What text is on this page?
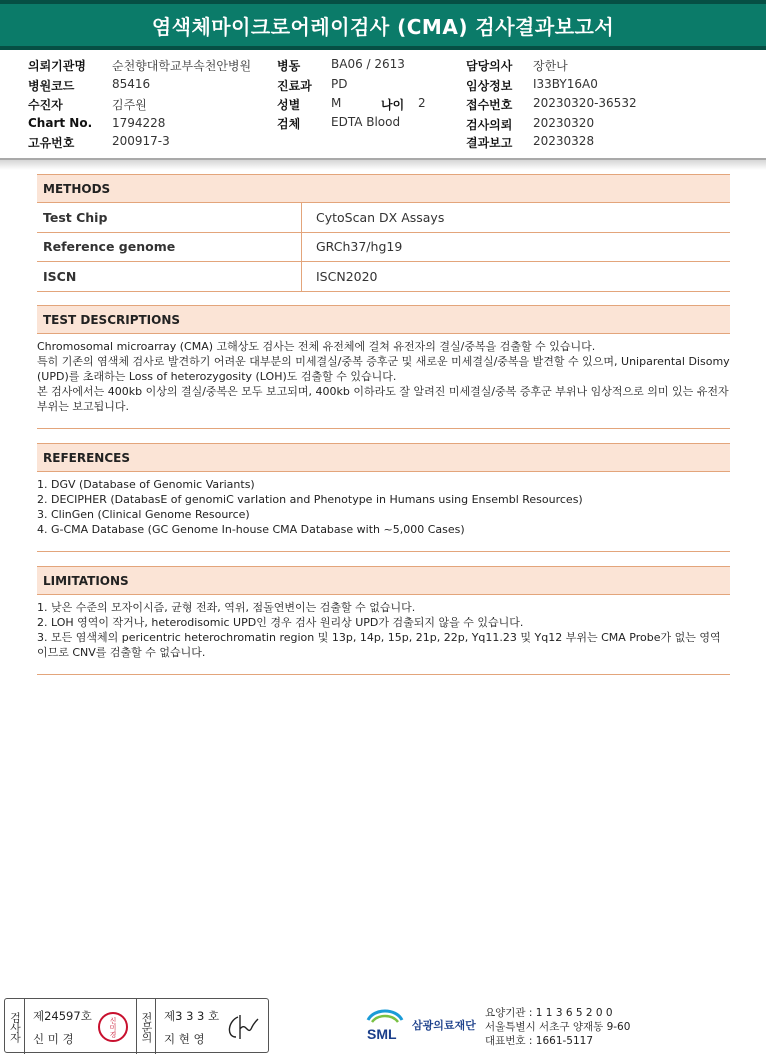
염색체마이크로어레이검사 (CMA) 검사결과보고서
의뢰기관명 순천향대학교부속천안병원
병원코드	85416
수진자	김주원
Chart No. 1794228
고유번호	200917-3
병동	BA06 / 2613
진료과 PD
성별	M	나이 2
검체	EDTA Blood
담당의사 장한나
임상정보 I33BY16A0
접수번호 20230320-36532
검사의뢰 20230320
결과보고 20230328
METHODS
Test Chip	CytoScan DX Assays
Reference genome	GRCh37/hg19
ISCN	ISCN2020
TEST DESCRIPTIONS

Chromosomal microarray (CMA) 고해상도 검사는 전체 유전체에 걸쳐 유전자의 결실/중복을 검출할 수 있습니다.

특히 기존의 염색체 검사로 발견하기 어려운 대부분의 미세결실/중복 증후군 및 새로운 미세결실/중복을 발견할 수 있으며, Uniparental Disomy (UPD)를 초래하는 Loss of heterozygosity (LOH)도 검출할 수 있습니다.

본 검사에서는 400kb 이상의 결실/중복은 모두 보고되며, 400kb 이하라도 잘 알려진 미세결실/중복 증후군 부위나 임상적으로 의미 있는 유전자 부위는 보고됩니다.

REFERENCES

1. DGV (Database of Genomic Variants)

2. DECIPHER (DatabasE of genomiC varIation and Phenotype in Humans using Ensembl Resources)

3. ClinGen (Clinical Genome Resource)

4. G-CMA Database (GC Genome In-house CMA Database with ~5,000 Cases)

LIMITATIONS

1. 낮은 수준의 모자이시즘, 균형 전좌, 역위, 점돌연변이는 검출할 수 없습니다.

2. LOH 영역이 작거나, heterodisomic UPD인 경우 검사 원리상 UPD가 검출되지 않을 수 있습니다.

3. 모든 염색체의 pericentric heterochromatin region 및 13p, 14p, 15p, 21p, 22p, Yq11.23 및 Yq12 부위는 CMA Probe가 없는 영역이므로 CNV를 검출할 수 없습니다.

검사자 제24597호
신 미 경
신미경 전문의 제3 3 3 호
지 현 영	SML
삼광의료재단
요양기관 : 1 1 3 6 5 2 0 0
서울특별시 서초구 양재동 9-60
대표번호 : 1661-5117
